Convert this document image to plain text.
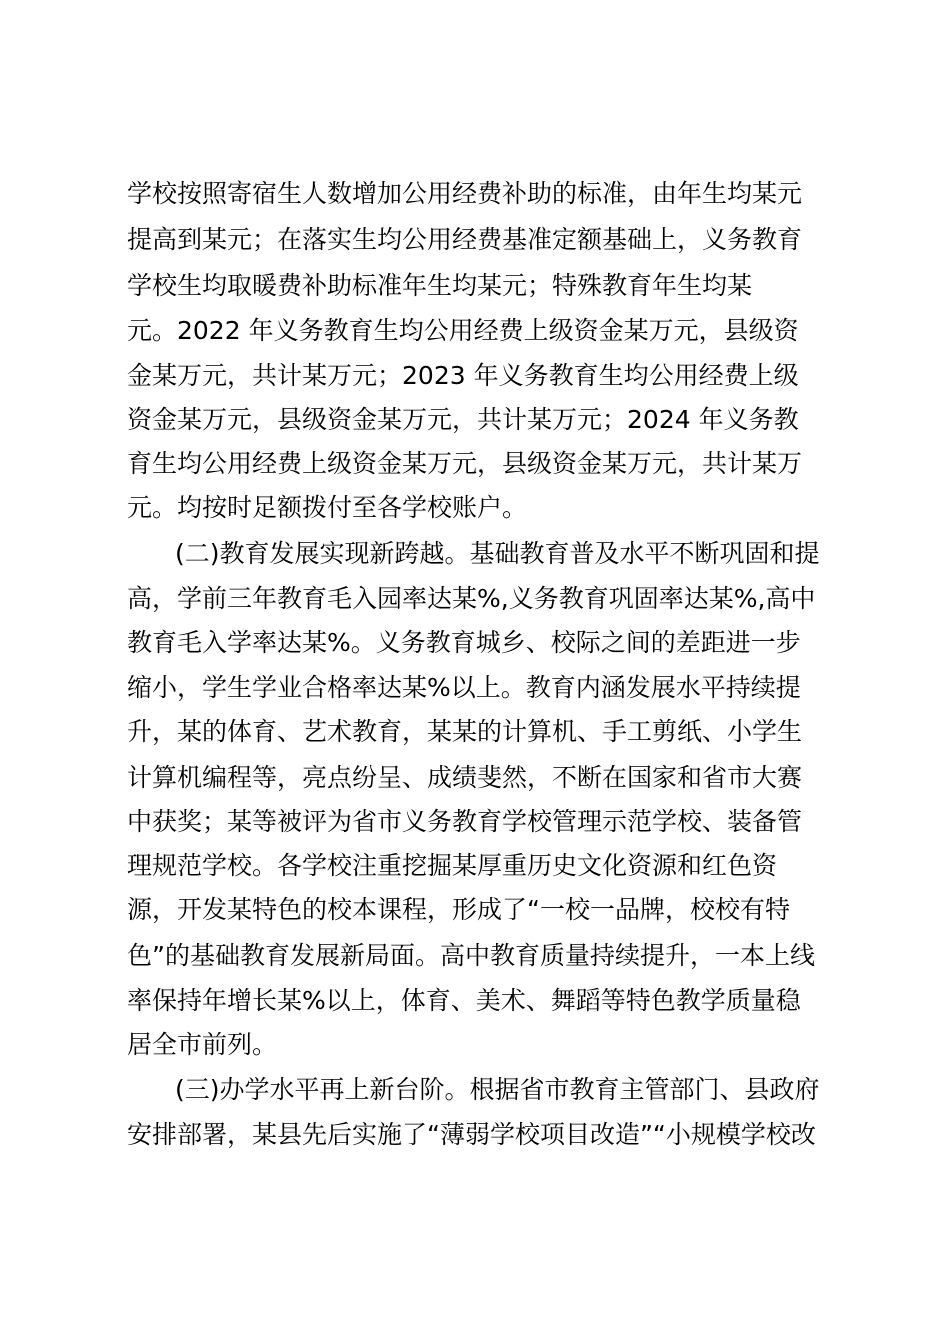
学校按照寄宿生人数增加公用经费补助的标准，由年生均某元
提高到某元；在落实生均公用经费基准定额基础上，义务教育
学校生均取暖费补助标准年生均某元；特殊教育年生均某
元。2022 年义务教育生均公用经费上级资金某万元，县级资
金某万元，共计某万元；2023 年义务教育生均公用经费上级
资金某万元，县级资金某万元，共计某万元；2024 年义务教
育生均公用经费上级资金某万元，县级资金某万元，共计某万
元。均按时足额拨付至各学校账户。
(二)教育发展实现新跨越。基础教育普及水平不断巩固和提
高，学前三年教育毛入园率达某%,义务教育巩固率达某%,高中
教育毛入学率达某%。义务教育城乡、校际之间的差距进一步
缩小，学生学业合格率达某%以上。教育内涵发展水平持续提
升，某的体育、艺术教育，某某的计算机、手工剪纸、小学生
计算机编程等，亮点纷呈、成绩斐然，不断在国家和省市大赛
中获奖；某等被评为省市义务教育学校管理示范学校、装备管
理规范学校。各学校注重挖掘某厚重历史文化资源和红色资
源，开发某特色的校本课程，形成了“一校一品牌，校校有特
色”的基础教育发展新局面。高中教育质量持续提升，一本上线
率保持年增长某%以上，体育、美术、舞蹈等特色教学质量稳
居全市前列。
(三)办学水平再上新台阶。根据省市教育主管部门、县政府
安排部署，某县先后实施了“薄弱学校项目改造”“小规模学校改
